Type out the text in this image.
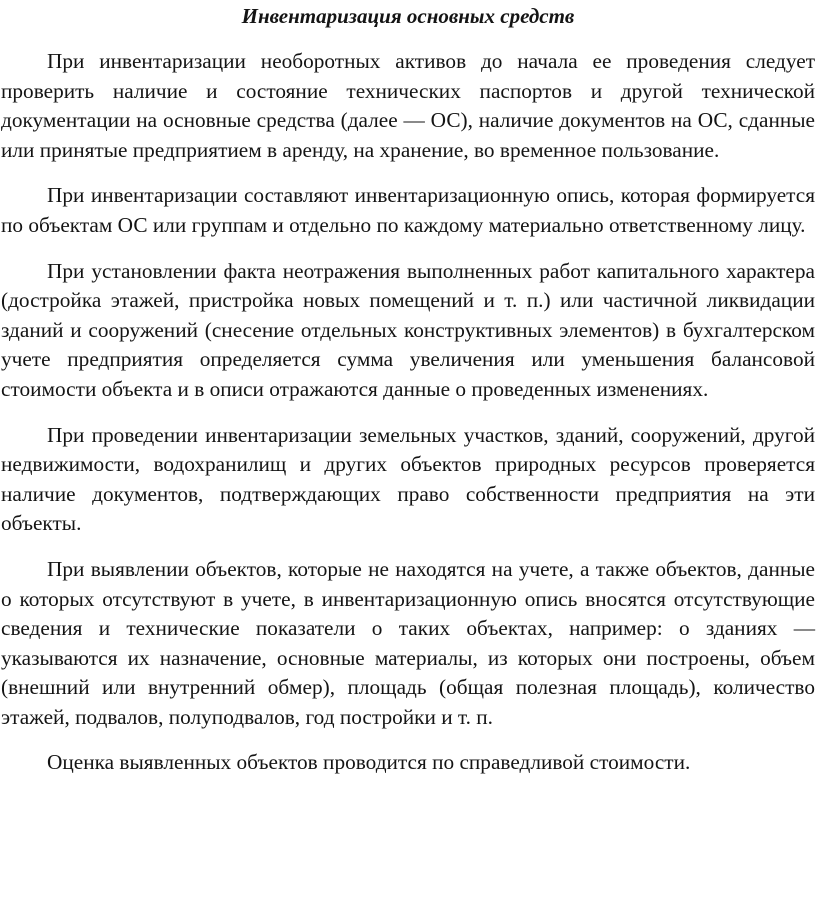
Инвентаризация основных средств

При инвентаризации необоротных активов до начала ее проведения следует проверить наличие и состояние технических паспортов и другой технической документации на основные средства (далее — ОС), наличие документов на ОС, сданные или принятые предприятием в аренду, на хранение, во временное пользование.

При инвентаризации составляют инвентаризационную опись, которая формируется по объектам ОС или группам и отдельно по каждому материально ответственному лицу.

При установлении факта неотражения выполненных работ капитального характера (достройка этажей, пристройка новых помещений и т. п.) или частичной ликвидации зданий и сооружений (снесение отдельных конструктивных элементов) в бухгалтерском учете предприятия определяется сумма увеличения или уменьшения балансовой стоимости объекта и в описи отражаются данные о проведенных изменениях.

При проведении инвентаризации земельных участков, зданий, сооружений, другой недвижимости, водохранилищ и других объектов природных ресурсов проверяется наличие документов, подтверждающих право собственности предприятия на эти объекты.

При выявлении объектов, которые не находятся на учете, а также объектов, данные о которых отсутствуют в учете, в инвентаризационную опись вносятся отсутствующие сведения и технические показатели о таких объектах, например: о зданиях — указываются их назначение, основные материалы, из которых они построены, объем (внешний или внутренний обмер), площадь (общая полезная площадь), количество этажей, подвалов, полуподвалов, год постройки и т. п.

Оценка выявленных объектов проводится по справедливой стоимости.
